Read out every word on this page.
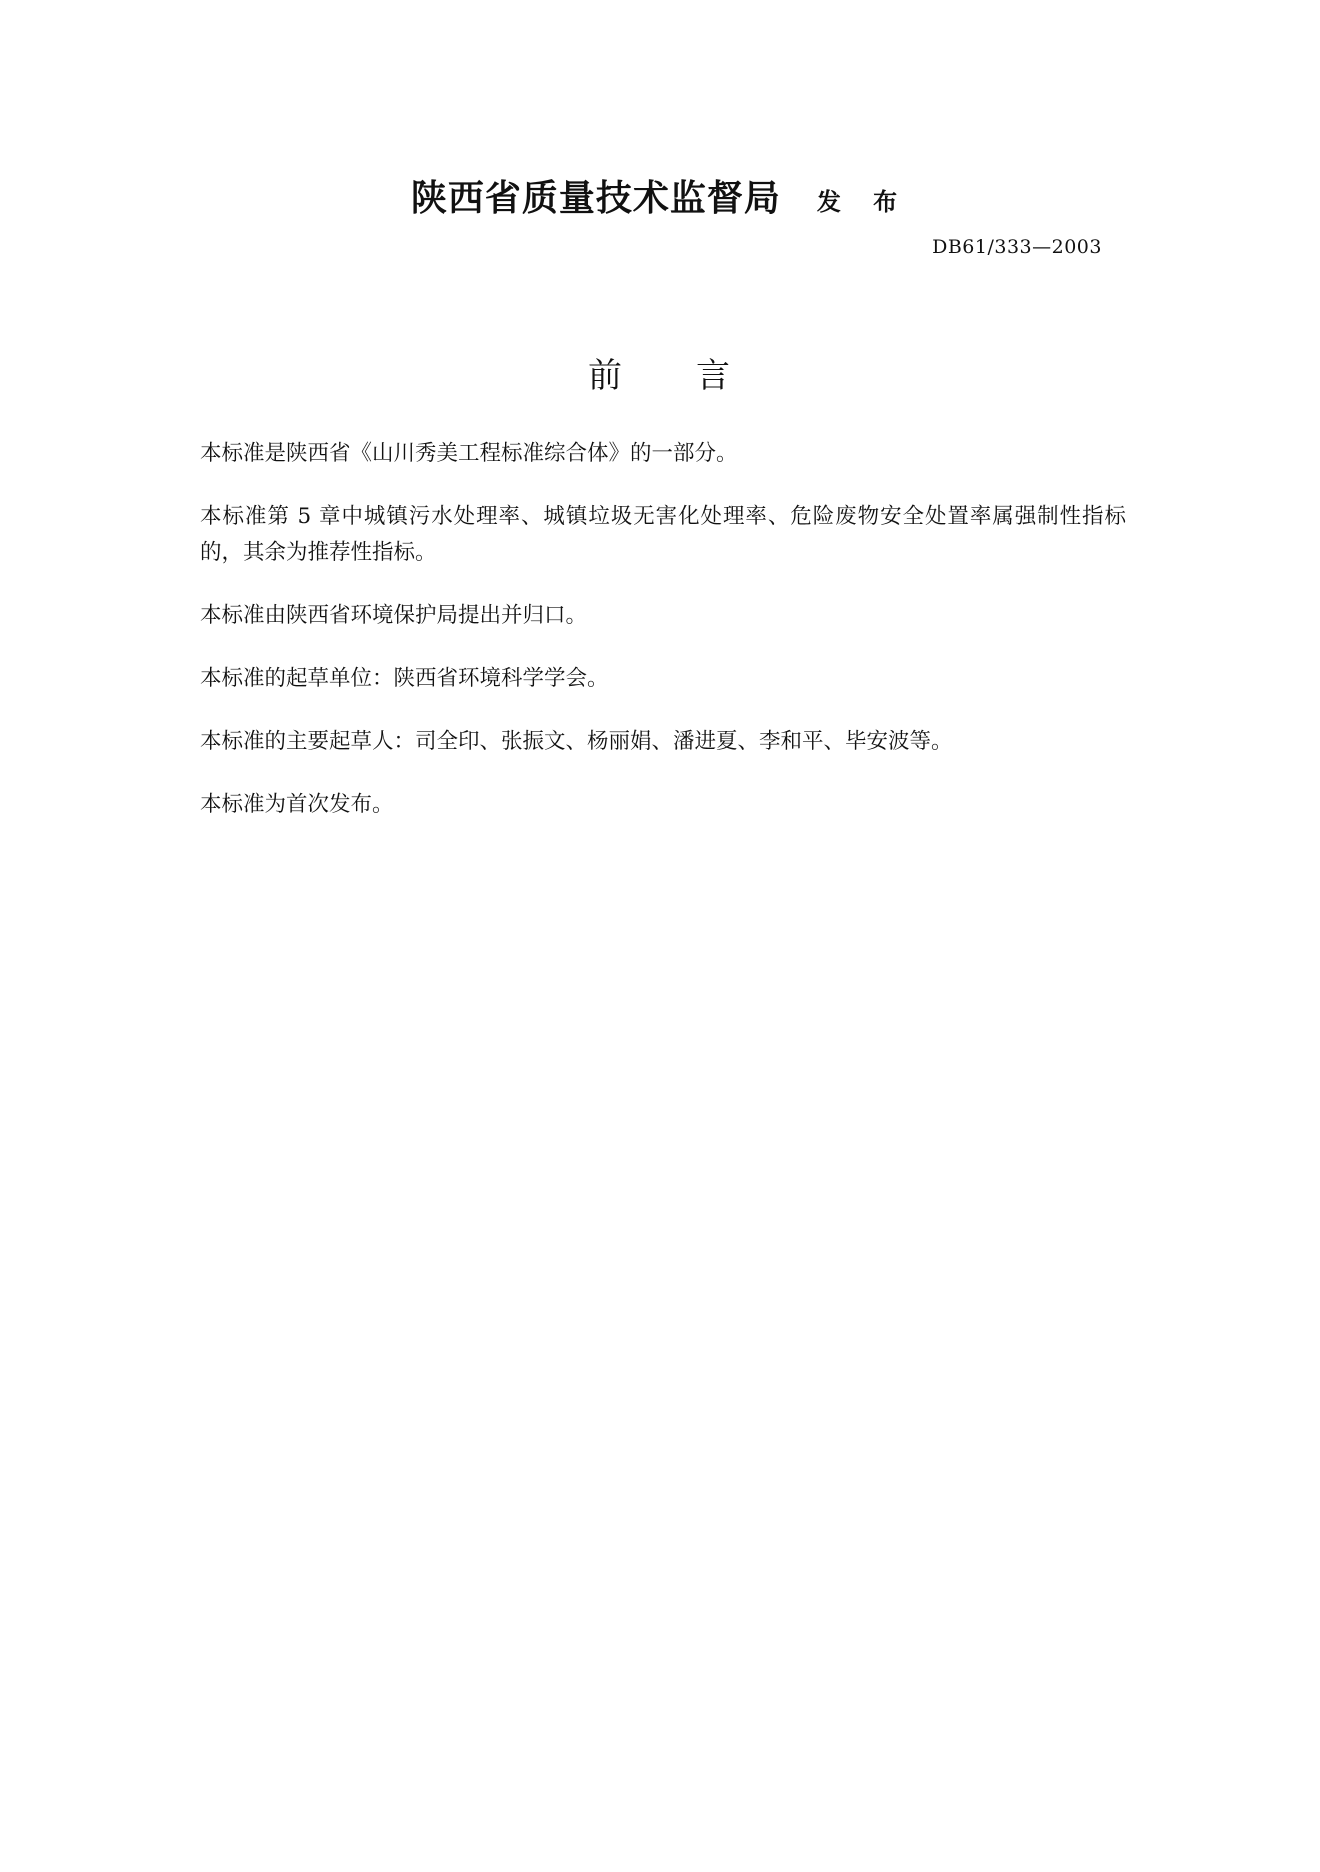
陕西省质量技术监督局 发 布
DB61/333—2003
前　　言

本标准是陕西省《山川秀美工程标准综合体》的一部分。

本标准第 5 章中城镇污水处理率、城镇垃圾无害化处理率、危险废物安全处置率属强制性指标的，其余为推荐性指标。

本标准由陕西省环境保护局提出并归口。

本标准的起草单位：陕西省环境科学学会。

本标准的主要起草人：司全印、张振文、杨丽娟、潘进夏、李和平、毕安波等。

本标准为首次发布。
